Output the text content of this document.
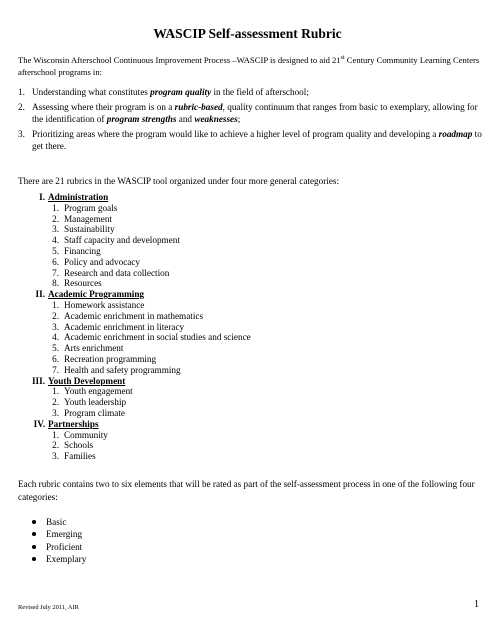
WASCIP Self-assessment Rubric
The Wisconsin Afterschool Continuous Improvement Process –WASCIP is designed to aid 21st Century Community Learning Centers afterschool programs in:
1. Understanding what constitutes program quality in the field of afterschool;
2. Assessing where their program is on a rubric-based, quality continuum that ranges from basic to exemplary, allowing for the identification of program strengths and weaknesses;
3. Prioritizing areas where the program would like to achieve a higher level of program quality and developing a roadmap to get there.
There are 21 rubrics in the WASCIP tool organized under four more general categories:
I. Administration
1. Program goals
2. Management
3. Sustainability
4. Staff capacity and development
5. Financing
6. Policy and advocacy
7. Research and data collection
8. Resources
II. Academic Programming
1. Homework assistance
2. Academic enrichment in mathematics
3. Academic enrichment in literacy
4. Academic enrichment in social studies and science
5. Arts enrichment
6. Recreation programming
7. Health and safety programming
III. Youth Development
1. Youth engagement
2. Youth leadership
3. Program climate
IV. Partnerships
1. Community
2. Schools
3. Families
Each rubric contains two to six elements that will be rated as part of the self-assessment process in one of the following four categories:
Basic
Emerging
Proficient
Exemplary
Revised July 2011, AIR	1
